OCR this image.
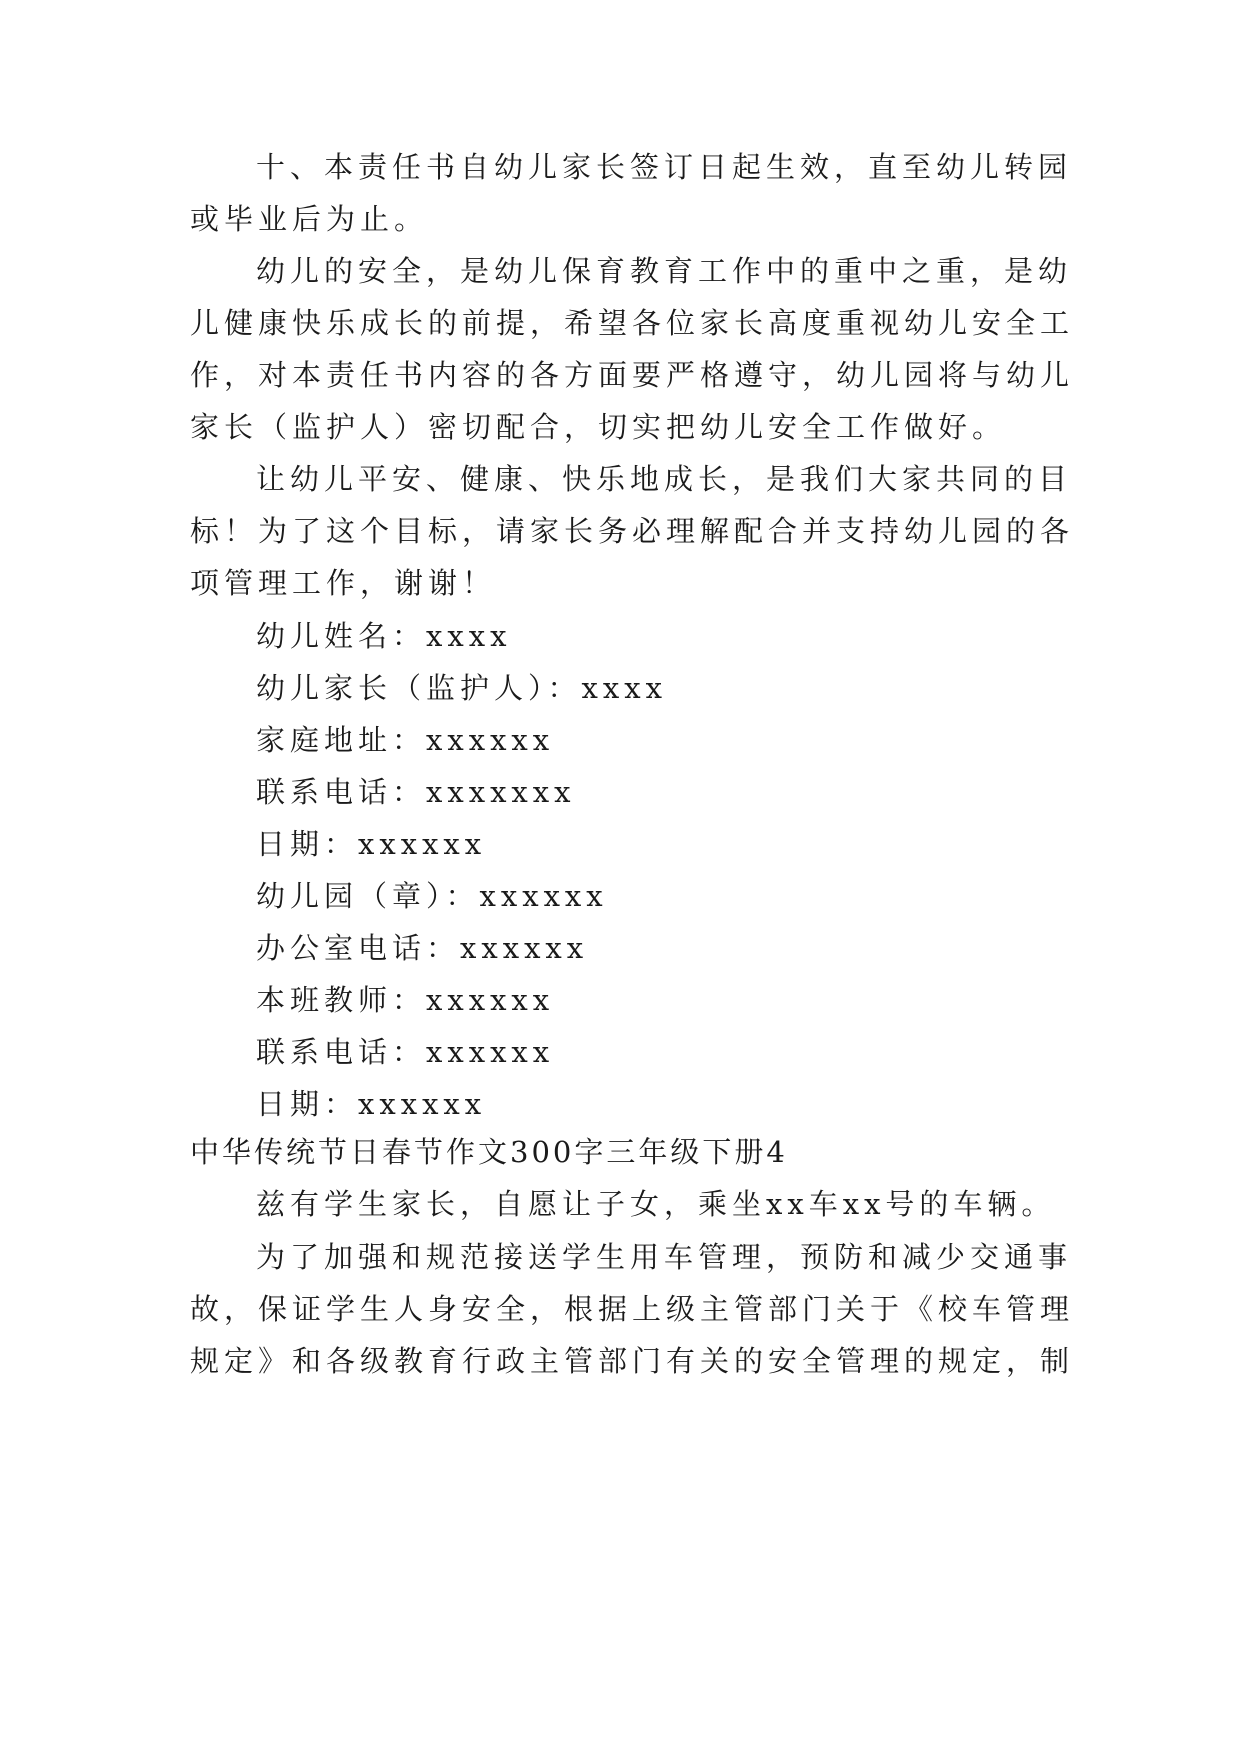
十、本责任书自幼儿家长签订日起生效，直至幼儿转园
或毕业后为止。
幼儿的安全，是幼儿保育教育工作中的重中之重，是幼
儿健康快乐成长的前提，希望各位家长高度重视幼儿安全工
作，对本责任书内容的各方面要严格遵守，幼儿园将与幼儿
家长（监护人）密切配合，切实把幼儿安全工作做好。
让幼儿平安、健康、快乐地成长，是我们大家共同的目
标！为了这个目标，请家长务必理解配合并支持幼儿园的各
项管理工作，谢谢！
幼儿姓名：xxxx
幼儿家长（监护人）：xxxx
家庭地址：xxxxxx
联系电话：xxxxxxx
日期：xxxxxx
幼儿园（章）：xxxxxx
办公室电话：xxxxxx
本班教师：xxxxxx
联系电话：xxxxxx
日期：xxxxxx
中华传统节日春节作文300字三年级下册4
兹有学生家长，自愿让子女，乘坐xx车xx号的车辆。
为了加强和规范接送学生用车管理，预防和减少交通事
故，保证学生人身安全，根据上级主管部门关于《校车管理
规定》和各级教育行政主管部门有关的安全管理的规定，制
